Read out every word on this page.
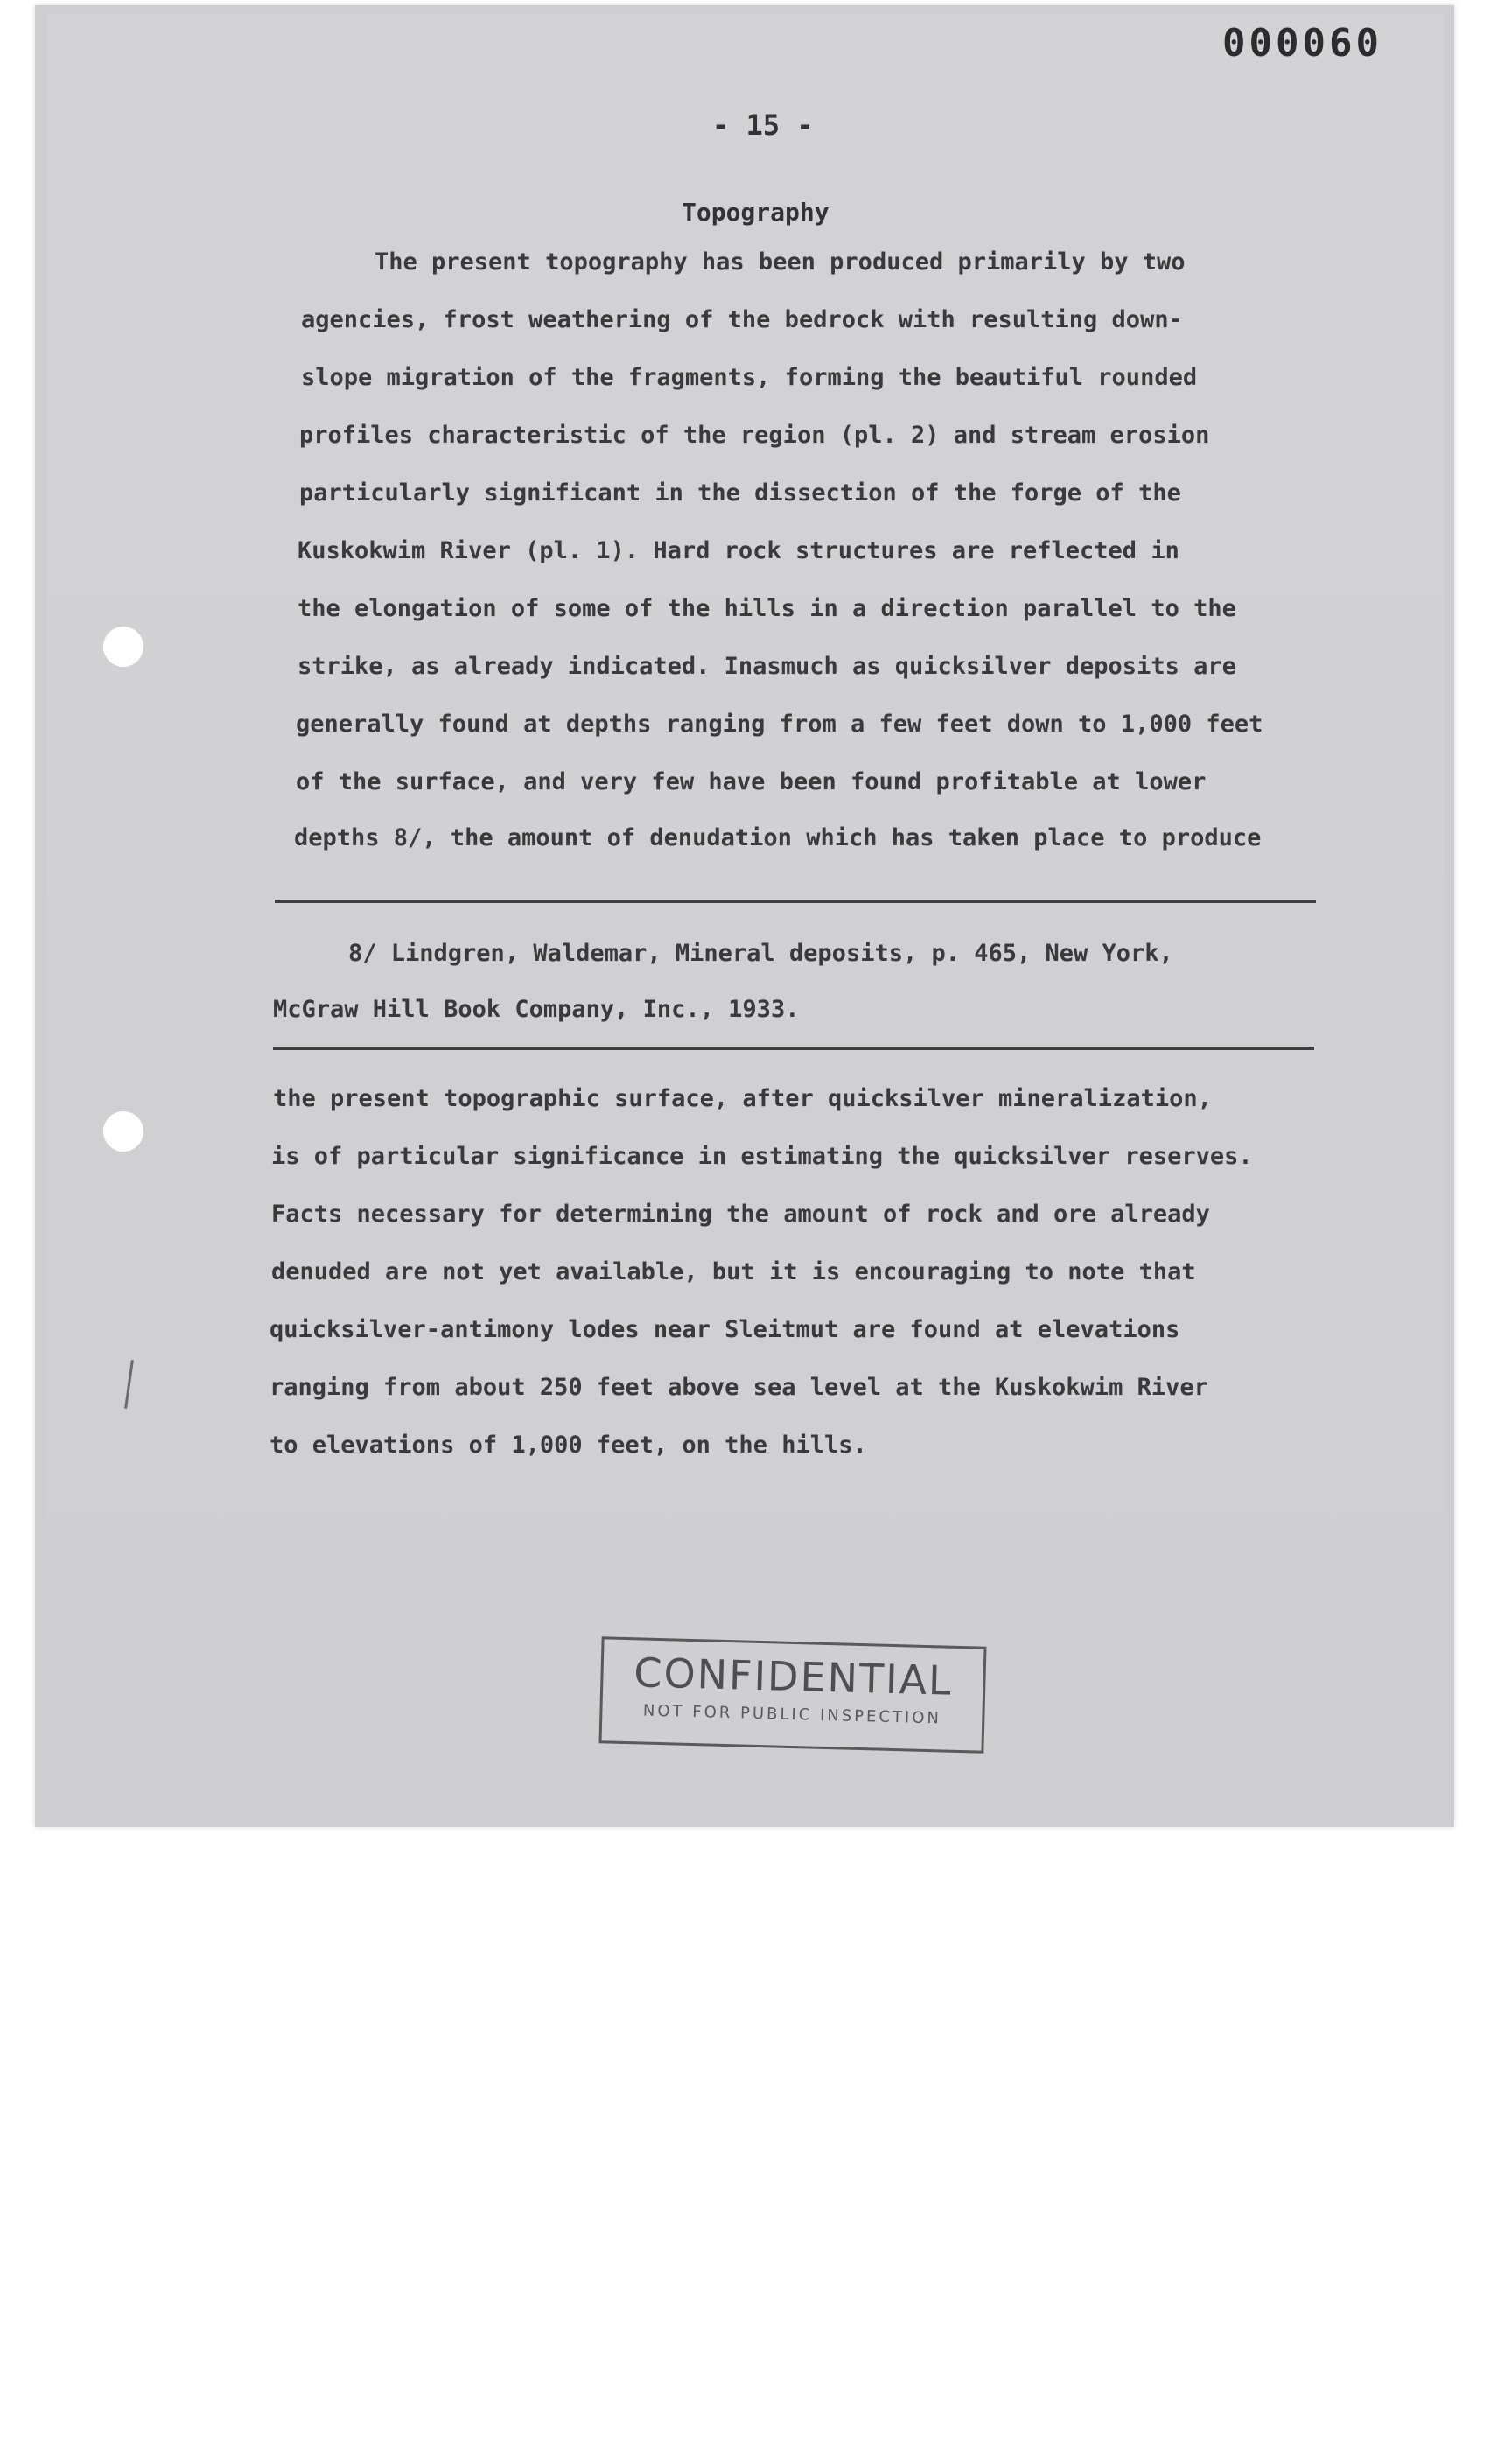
000060
- 15 -
Topography
The present topography has been produced primarily by two
agencies, frost weathering of the bedrock with resulting down-
slope migration of the fragments, forming the beautiful rounded
profiles characteristic of the region (pl. 2) and stream erosion
particularly significant in the dissection of the forge of the
Kuskokwim River (pl. 1). Hard rock structures are reflected in
the elongation of some of the hills in a direction parallel to the
strike, as already indicated. Inasmuch as quicksilver deposits are
generally found at depths ranging from a few feet down to 1,000 feet
of the surface, and very few have been found profitable at lower
depths 8/, the amount of denudation which has taken place to produce
8/ Lindgren, Waldemar, Mineral deposits, p. 465, New York,
McGraw Hill Book Company, Inc., 1933.
the present topographic surface, after quicksilver mineralization,
is of particular significance in estimating the quicksilver reserves.
Facts necessary for determining the amount of rock and ore already
denuded are not yet available, but it is encouraging to note that
quicksilver-antimony lodes near Sleitmut are found at elevations
ranging from about 250 feet above sea level at the Kuskokwim River
to elevations of 1,000 feet, on the hills.
CONFIDENTIAL
NOT FOR PUBLIC INSPECTION
